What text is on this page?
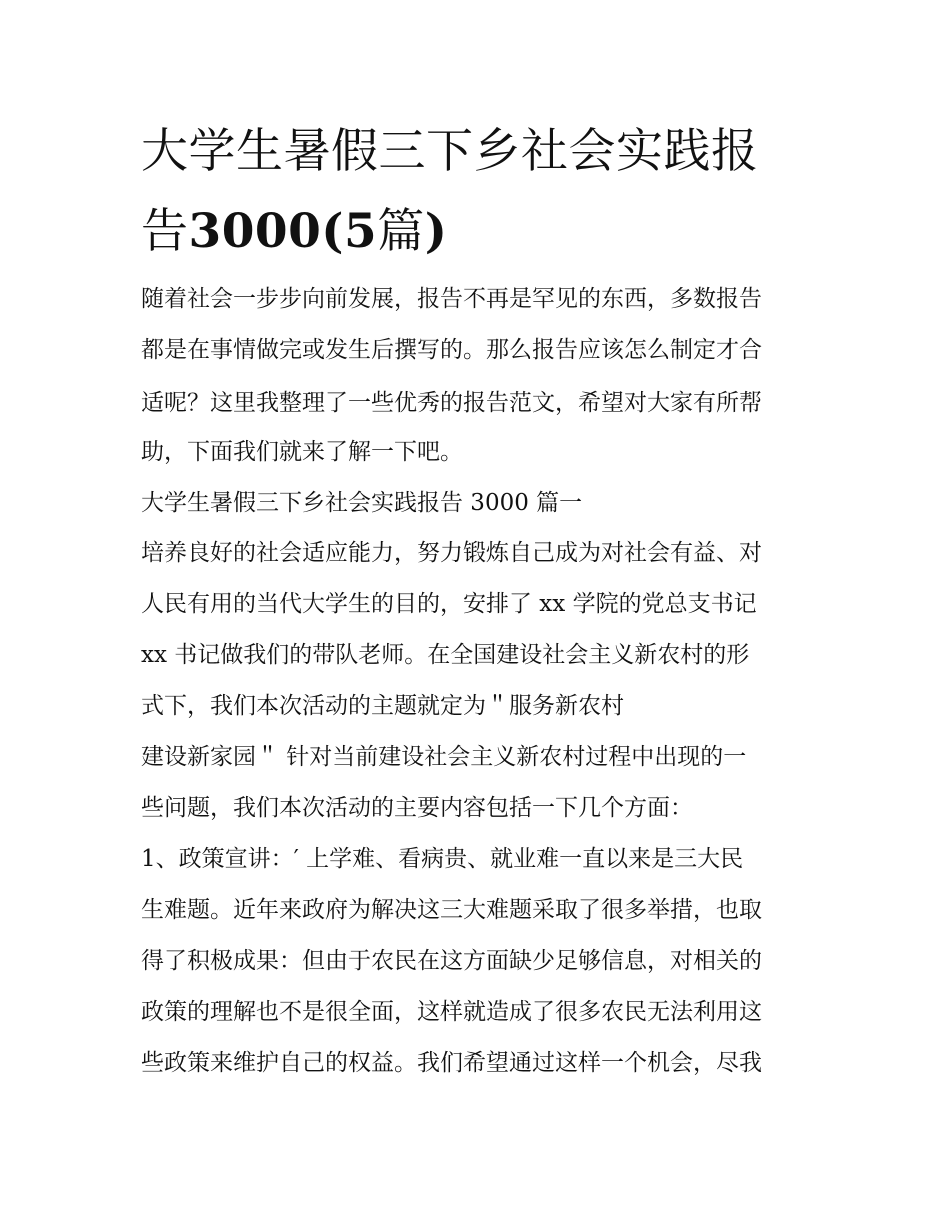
大学生暑假三下乡社会实践报
告3000(5篇)

随着社会一步步向前发展，报告不再是罕见的东西，多数报告

都是在事情做完或发生后撰写的。那么报告应该怎么制定才合

适呢？这里我整理了一些优秀的报告范文，希望对大家有所帮

助，下面我们就来了解一下吧。

大学生暑假三下乡社会实践报告 3000 篇一

培养良好的社会适应能力，努力锻炼自己成为对社会有益、对

人民有用的当代大学生的目的，安排了 xx 学院的党总支书记

xx 书记做我们的带队老师。在全国建设社会主义新农村的形

式下，我们本次活动的主题就定为＂服务新农村

建设新家园＂ 针对当前建设社会主义新农村过程中出现的一

些问题，我们本次活动的主要内容包括一下几个方面：

1、政策宣讲：′ 上学难、看病贵、就业难一直以来是三大民

生难题。近年来政府为解决这三大难题采取了很多举措，也取

得了积极成果：但由于农民在这方面缺少足够信息，对相关的

政策的理解也不是很全面，这样就造成了很多农民无法利用这

些政策来维护自己的权益。我们希望通过这样一个机会，尽我
